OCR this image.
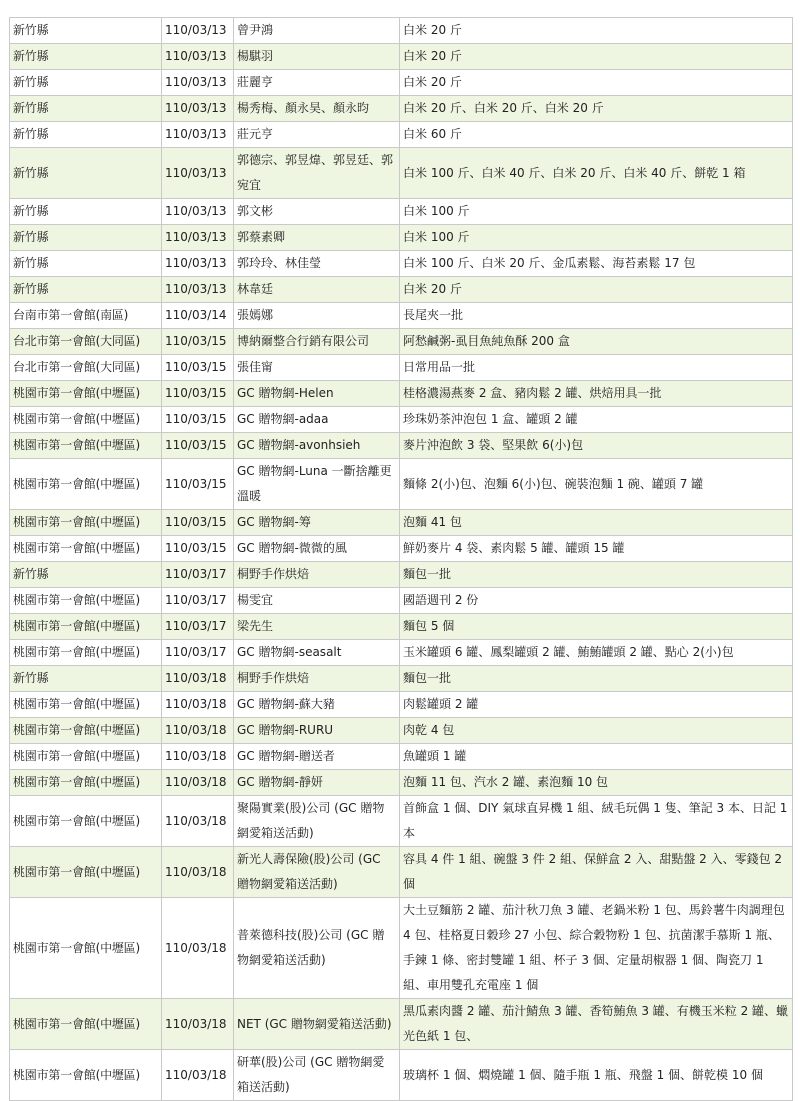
新竹縣	110/03/13	曾尹鴻	白米 20 斤
新竹縣	110/03/13	楊騏羽	白米 20 斤
新竹縣	110/03/13	莊麗亨	白米 20 斤
新竹縣	110/03/13	楊秀梅、顏永昊、顏永昀	白米 20 斤、白米 20 斤、白米 20 斤
新竹縣	110/03/13	莊元亨	白米 60 斤
新竹縣	110/03/13	郭德宗、郭昱煒、郭昱廷、郭宛宜	白米 100 斤、白米 40 斤、白米 20 斤、白米 40 斤、餅乾 1 箱
新竹縣	110/03/13	郭文彬	白米 100 斤
新竹縣	110/03/13	郭蔡素卿	白米 100 斤
新竹縣	110/03/13	郭玲玲、林佳瑩	白米 100 斤、白米 20 斤、金瓜素鬆、海苔素鬆 17 包
新竹縣	110/03/13	林韋廷	白米 20 斤
台南市第一會館(南區)	110/03/14	張嫣娜	長尾夾一批
台北市第一會館(大同區)	110/03/15	博納爾整合行銷有限公司	阿愁鹹粥-虱目魚純魚酥 200 盒
台北市第一會館(大同區)	110/03/15	張佳甯	日常用品一批
桃園市第一會館(中壢區)	110/03/15	GC 贈物網-Helen	桂格濃湯燕麥 2 盒、豬肉鬆 2 罐、烘焙用具一批
桃園市第一會館(中壢區)	110/03/15	GC 贈物網-adaa	珍珠奶茶沖泡包 1 盒、罐頭 2 罐
桃園市第一會館(中壢區)	110/03/15	GC 贈物網-avonhsieh	麥片沖泡飲 3 袋、堅果飲 6(小)包
桃園市第一會館(中壢區)	110/03/15	GC 贈物網-Luna 一斷捨離更溫暖	麵條 2(小)包、泡麵 6(小)包、碗裝泡麵 1 碗、罐頭 7 罐
桃園市第一會館(中壢區)	110/03/15	GC 贈物網-筹	泡麵 41 包
桃園市第一會館(中壢區)	110/03/15	GC 贈物網-微微的風	鮮奶麥片 4 袋、素肉鬆 5 罐、罐頭 15 罐
新竹縣	110/03/17	桐野手作烘焙	麵包一批
桃園市第一會館(中壢區)	110/03/17	楊雯宜	國語週刊 2 份
桃園市第一會館(中壢區)	110/03/17	梁先生	麵包 5 個
桃園市第一會館(中壢區)	110/03/17	GC 贈物網-seasalt	玉米罐頭 6 罐、鳳梨罐頭 2 罐、鮪鮪罐頭 2 罐、點心 2(小)包
新竹縣	110/03/18	桐野手作烘焙	麵包一批
桃園市第一會館(中壢區)	110/03/18	GC 贈物網-蘇大豬	肉鬆罐頭 2 罐
桃園市第一會館(中壢區)	110/03/18	GC 贈物網-RURU	肉乾 4 包
桃園市第一會館(中壢區)	110/03/18	GC 贈物網-贈送者	魚罐頭 1 罐
桃園市第一會館(中壢區)	110/03/18	GC 贈物網-靜妍	泡麵 11 包、汽水 2 罐、素泡麵 10 包
桃園市第一會館(中壢區)	110/03/18	聚陽實業(股)公司 (GC 贈物網愛箱送活動)	首飾盒 1 個、DIY 氣球直昇機 1 組、絨毛玩偶 1 隻、筆記 3 本、日記 1 本
桃園市第一會館(中壢區)	110/03/18	新光人壽保險(股)公司 (GC 贈物網愛箱送活動)	容具 4 件 1 組、碗盤 3 件 2 組、保鮮盒 2 入、甜點盤 2 入、零錢包 2 個
桃園市第一會館(中壢區)	110/03/18	普萊德科技(股)公司 (GC 贈物網愛箱送活動)	大土豆麵筋 2 罐、茄汁秋刀魚 3 罐、老鍋米粉 1 包、馬鈴薯牛肉調理包 4 包、桂格夏日穀珍 27 小包、綜合穀物粉 1 包、抗菌潔手慕斯 1 瓶、手鍊 1 條、密封雙罐 1 組、杯子 3 個、定量胡椒器 1 個、陶瓷刀 1 組、車用雙孔充電座 1 個
桃園市第一會館(中壢區)	110/03/18	NET (GC 贈物網愛箱送活動)	黑瓜素肉醬 2 罐、茄汁鯖魚 3 罐、香筍鮪魚 3 罐、有機玉米粒 2 罐、蠟光色紙 1 包、
桃園市第一會館(中壢區)	110/03/18	研華(股)公司 (GC 贈物網愛箱送活動)	玻璃杯 1 個、燜燒罐 1 個、隨手瓶 1 瓶、飛盤 1 個、餅乾模 10 個
